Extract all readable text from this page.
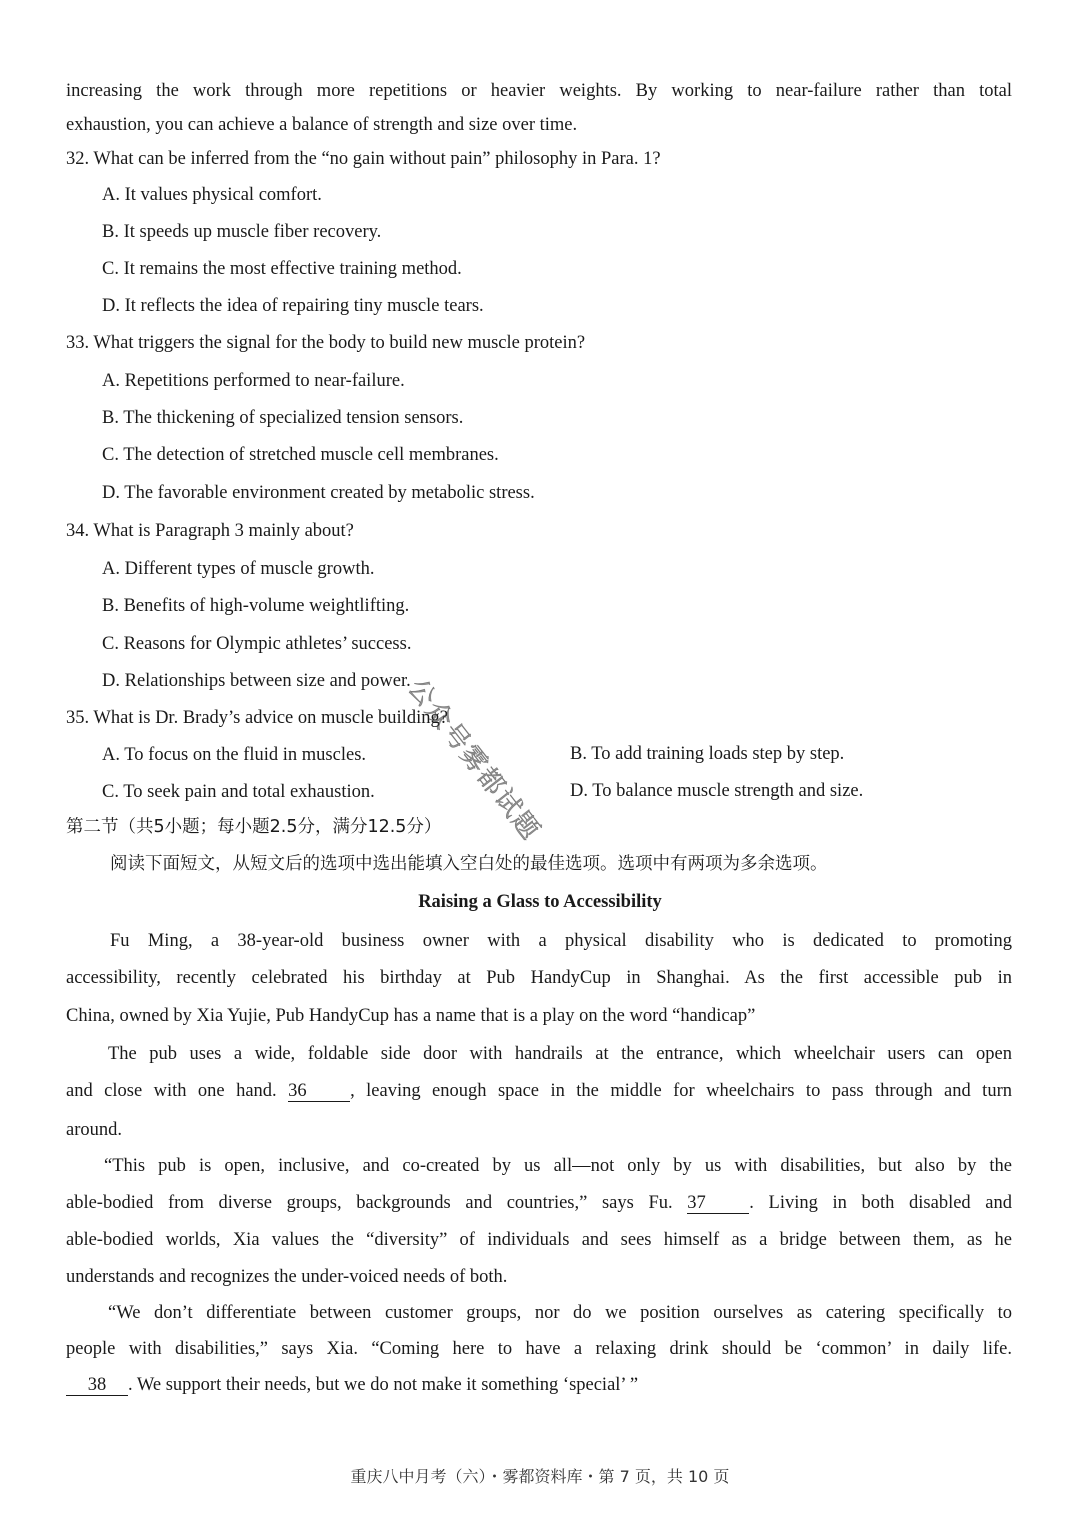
increasing the work through more repetitions or heavier weights. By working to near-failure rather than total
exhaustion, you can achieve a balance of strength and size over time.
32. What can be inferred from the “no gain without pain” philosophy in Para. 1?
A. It values physical comfort.
B. It speeds up muscle fiber recovery.
C. It remains the most effective training method.
D. It reflects the idea of repairing tiny muscle tears.
33. What triggers the signal for the body to build new muscle protein?
A. Repetitions performed to near-failure.
B. The thickening of specialized tension sensors.
C. The detection of stretched muscle cell membranes.
D. The favorable environment created by metabolic stress.
34. What is Paragraph 3 mainly about?
A. Different types of muscle growth.
B. Benefits of high-volume weightlifting.
C. Reasons for Olympic athletes’ success.
D. Relationships between size and power.
35. What is Dr. Brady’s advice on muscle building?
A. To focus on the fluid in muscles.	B. To add training loads step by step.
C. To seek pain and total exhaustion.	D. To balance muscle strength and size.
第二节（共5小题；每小题2.5分，满分12.5分）
阅读下面短文，从短文后的选项中选出能填入空白处的最佳选项。选项中有两项为多余选项。
Raising a Glass to Accessibility
Fu Ming, a 38-year-old business owner with a physical disability who is dedicated to promoting
accessibility, recently celebrated his birthday at Pub HandyCup in Shanghai. As the first accessible pub in
China, owned by Xia Yujie, Pub HandyCup has a name that is a play on the word “handicap”
The pub uses a wide, foldable side door with handrails at the entrance, which wheelchair users can open
and close with one hand. 36 , leaving enough space in the middle for wheelchairs to pass through and turn
around.
“This pub is open, inclusive, and co-created by us all—not only by us with disabilities, but also by the
able-bodied from diverse groups, backgrounds and countries,” says Fu. 37 . Living in both disabled and
able-bodied worlds, Xia values the “diversity” of individuals and sees himself as a bridge between them, as he
understands and recognizes the under-voiced needs of both.
“We don’t differentiate between customer groups, nor do we position ourselves as catering specifically to
people with disabilities,” says Xia. “Coming here to have a relaxing drink should be ‘common’ in daily life.
38 . We support their needs, but we do not make it something ‘special’ ”
重庆八中月考（六）・雾都资料库・第 7 页，共 10 页
公众号雾都试题
